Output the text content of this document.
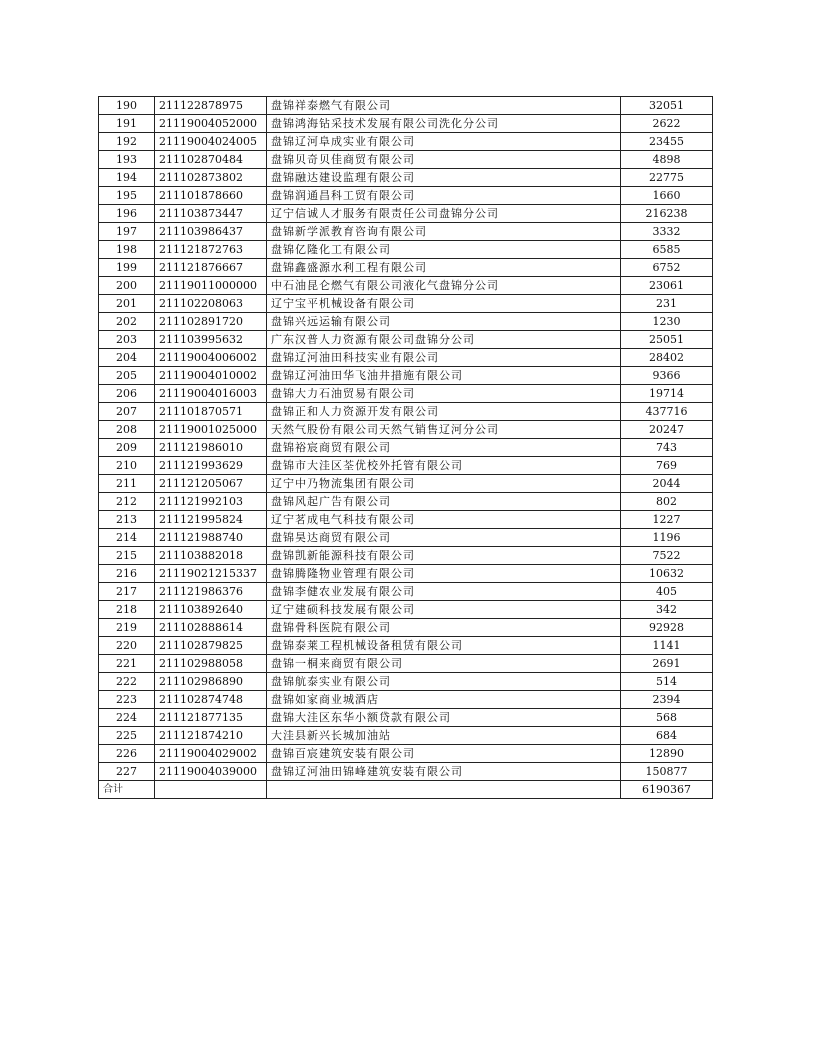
190	211122878975	盘锦祥泰燃气有限公司	32051
191	21119004052000	盘锦鸿海钻采技术发展有限公司洗化分公司	2622
192	21119004024005	盘锦辽河阜成实业有限公司	23455
193	211102870484	盘锦贝奇贝佳商贸有限公司	4898
194	211102873802	盘锦融达建设监理有限公司	22775
195	211101878660	盘锦润通昌科工贸有限公司	1660
196	211103873447	辽宁信诚人才服务有限责任公司盘锦分公司	216238
197	211103986437	盘锦新学派教育咨询有限公司	3332
198	211121872763	盘锦亿隆化工有限公司	6585
199	211121876667	盘锦鑫盛源水利工程有限公司	6752
200	21119011000000	中石油昆仑燃气有限公司液化气盘锦分公司	23061
201	211102208063	辽宁宝平机械设备有限公司	231
202	211102891720	盘锦兴远运输有限公司	1230
203	211103995632	广东汉普人力资源有限公司盘锦分公司	25051
204	21119004006002	盘锦辽河油田科技实业有限公司	28402
205	21119004010002	盘锦辽河油田华飞油井措施有限公司	9366
206	21119004016003	盘锦大力石油贸易有限公司	19714
207	211101870571	盘锦正和人力资源开发有限公司	437716
208	21119001025000	天然气股份有限公司天然气销售辽河分公司	20247
209	211121986010	盘锦裕宸商贸有限公司	743
210	211121993629	盘锦市大洼区荃优校外托管有限公司	769
211	211121205067	辽宁中乃物流集团有限公司	2044
212	211121992103	盘锦风起广告有限公司	802
213	211121995824	辽宁茗成电气科技有限公司	1227
214	211121988740	盘锦昊达商贸有限公司	1196
215	211103882018	盘锦凯新能源科技有限公司	7522
216	21119021215337	盘锦腾隆物业管理有限公司	10632
217	211121986376	盘锦李健农业发展有限公司	405
218	211103892640	辽宁建硕科技发展有限公司	342
219	211102888614	盘锦骨科医院有限公司	92928
220	211102879825	盘锦泰莱工程机械设备租赁有限公司	1141
221	211102988058	盘锦一桐来商贸有限公司	2691
222	211102986890	盘锦航泰实业有限公司	514
223	211102874748	盘锦如家商业城酒店	2394
224	211121877135	盘锦大洼区东华小额贷款有限公司	568
225	211121874210	大洼县新兴长城加油站	684
226	21119004029002	盘锦百宸建筑安装有限公司	12890
227	21119004039000	盘锦辽河油田锦峰建筑安装有限公司	150877
合计			6190367
